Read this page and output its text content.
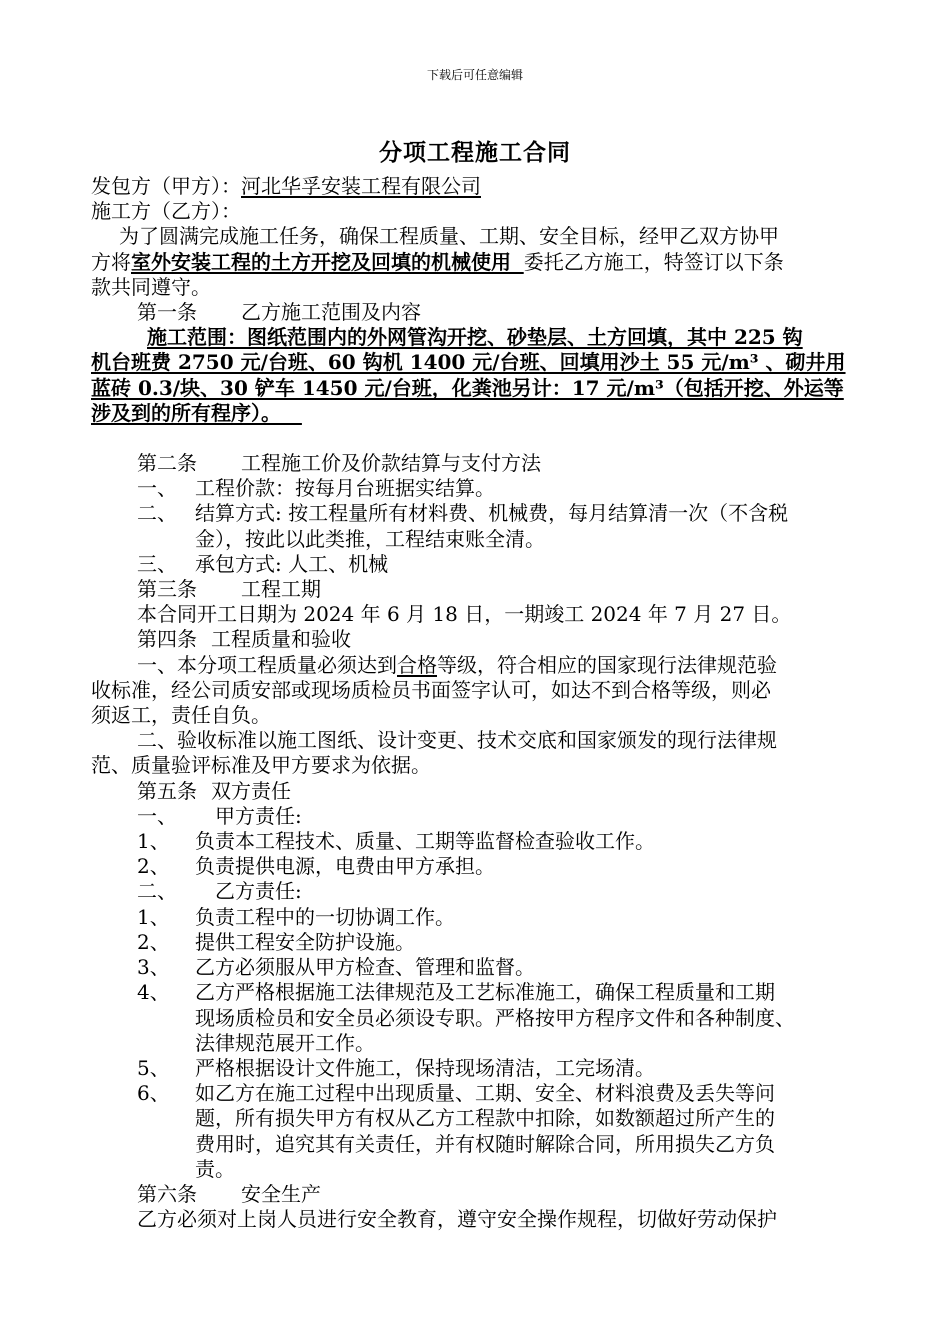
下载后可任意编辑
分项工程施工合同
发包方（甲方）：河北华孚安装工程有限公司
施工方（乙方）：
为了圆满完成施工任务，确保工程质量、工期、安全目标，经甲乙双方协甲
方将室外安装工程的土方开挖及回填的机械使用 委托乙方施工，特签订以下条
款共同遵守。
第一条 乙方施工范围及内容
施工范围：图纸范围内的外网管沟开挖、砂垫层、土方回填，其中 225 钩
机台班费 2750 元/台班、60 钩机 1400 元/台班、回填用沙土 55 元/m³ 、砌井用
蓝砖 0.3/块、30 铲车 1450 元/台班，化粪池另计：17 元/m³（包括开挖、外运等
涉及到的所有程序）。
第二条 工程施工价及价款结算与支付方法
一、 工程价款：按每月台班据实结算。
二、 结算方式: 按工程量所有材料费、机械费，每月结算清一次（不含税
金），按此以此类推，工程结束账全清。
三、 承包方式: 人工、机械
第三条 工程工期
本合同开工日期为 2024 年 6 月 18 日，一期竣工 2024 年 7 月 27 日。
第四条 工程质量和验收
一、本分项工程质量必须达到合格等级，符合相应的国家现行法律规范验
收标准，经公司质安部或现场质检员书面签字认可，如达不到合格等级，则必
须返工，责任自负。
二、验收标准以施工图纸、设计变更、技术交底和国家颁发的现行法律规
范、质量验评标准及甲方要求为依据。
第五条 双方责任
一、 甲方责任:
1、	负责本工程技术、质量、工期等监督检查验收工作。
2、	负责提供电源，电费由甲方承担。
二、 乙方责任:
1、	负责工程中的一切协调工作。
2、	提供工程安全防护设施。
3、	乙方必须服从甲方检查、管理和监督。
4、	乙方严格根据施工法律规范及工艺标准施工，确保工程质量和工期
现场质检员和安全员必须设专职。严格按甲方程序文件和各种制度、
法律规范展开工作。
5、	严格根据设计文件施工，保持现场清洁，工完场清。
6、	如乙方在施工过程中出现质量、工期、安全、材料浪费及丢失等问
题，所有损失甲方有权从乙方工程款中扣除，如数额超过所产生的
费用时，追究其有关责任，并有权随时解除合同，所用损失乙方负
责。
第六条 安全生产
乙方必须对上岗人员进行安全教育，遵守安全操作规程，切做好劳动保护
